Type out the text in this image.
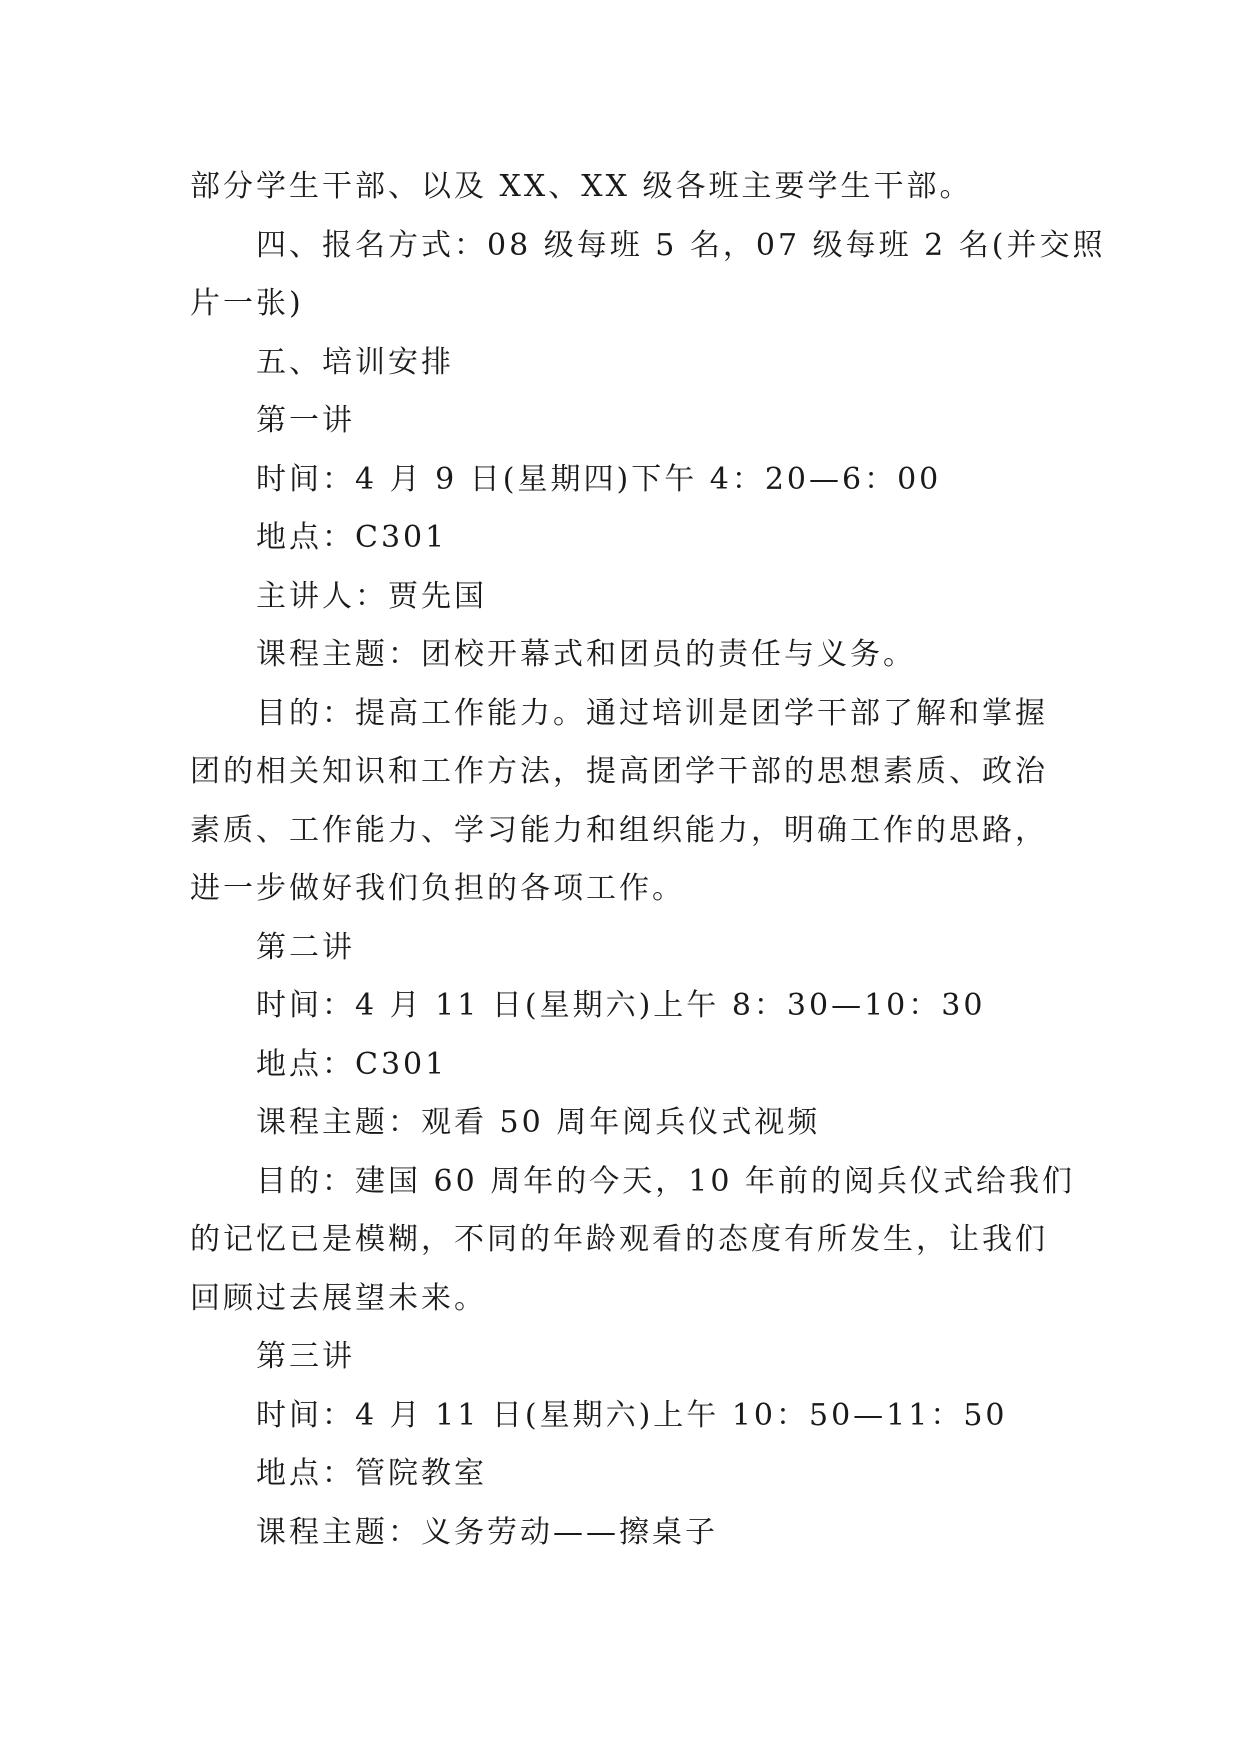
部分学生干部、以及 XX、XX 级各班主要学生干部。
四、报名方式：08 级每班 5 名，07 级每班 2 名(并交照
片一张)
五、培训安排
第一讲
时间：4 月 9 日(星期四)下午 4：20—6：00
地点：C301
主讲人：贾先国
课程主题：团校开幕式和团员的责任与义务。
目的：提高工作能力。通过培训是团学干部了解和掌握
团的相关知识和工作方法，提高团学干部的思想素质、政治
素质、工作能力、学习能力和组织能力，明确工作的思路，
进一步做好我们负担的各项工作。
第二讲
时间：4 月 11 日(星期六)上午 8：30—10：30
地点：C301
课程主题：观看 50 周年阅兵仪式视频
目的：建国 60 周年的今天，10 年前的阅兵仪式给我们
的记忆已是模糊，不同的年龄观看的态度有所发生，让我们
回顾过去展望未来。
第三讲
时间：4 月 11 日(星期六)上午 10：50—11：50
地点：管院教室
课程主题：义务劳动——擦桌子
